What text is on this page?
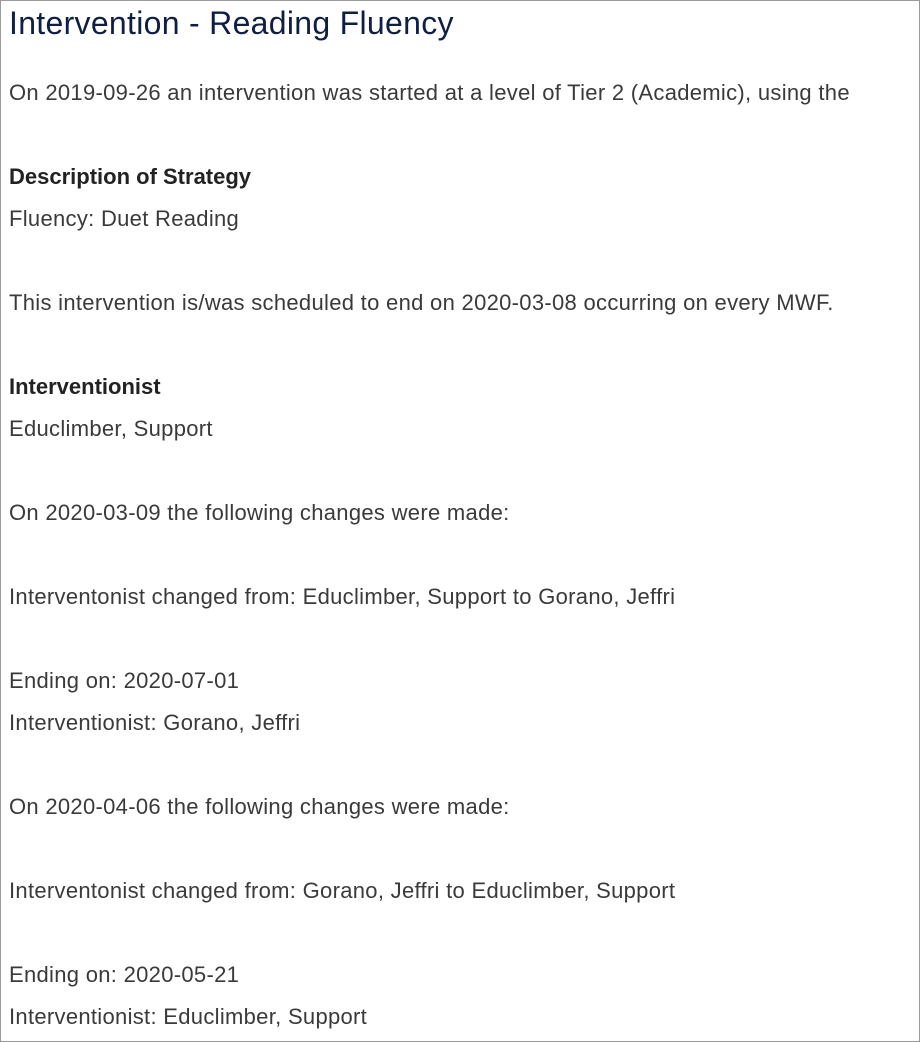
Intervention - Reading Fluency
On 2019-09-26 an intervention was started at a level of Tier 2 (Academic), using the
Description of Strategy
Fluency: Duet Reading
This intervention is/was scheduled to end on 2020-03-08 occurring on every MWF.
Interventionist
Educlimber, Support
On 2020-03-09 the following changes were made:
Interventonist changed from: Educlimber, Support to Gorano, Jeffri
Ending on: 2020-07-01
Interventionist: Gorano, Jeffri
On 2020-04-06 the following changes were made:
Interventonist changed from: Gorano, Jeffri to Educlimber, Support
Ending on: 2020-05-21
Interventionist: Educlimber, Support
